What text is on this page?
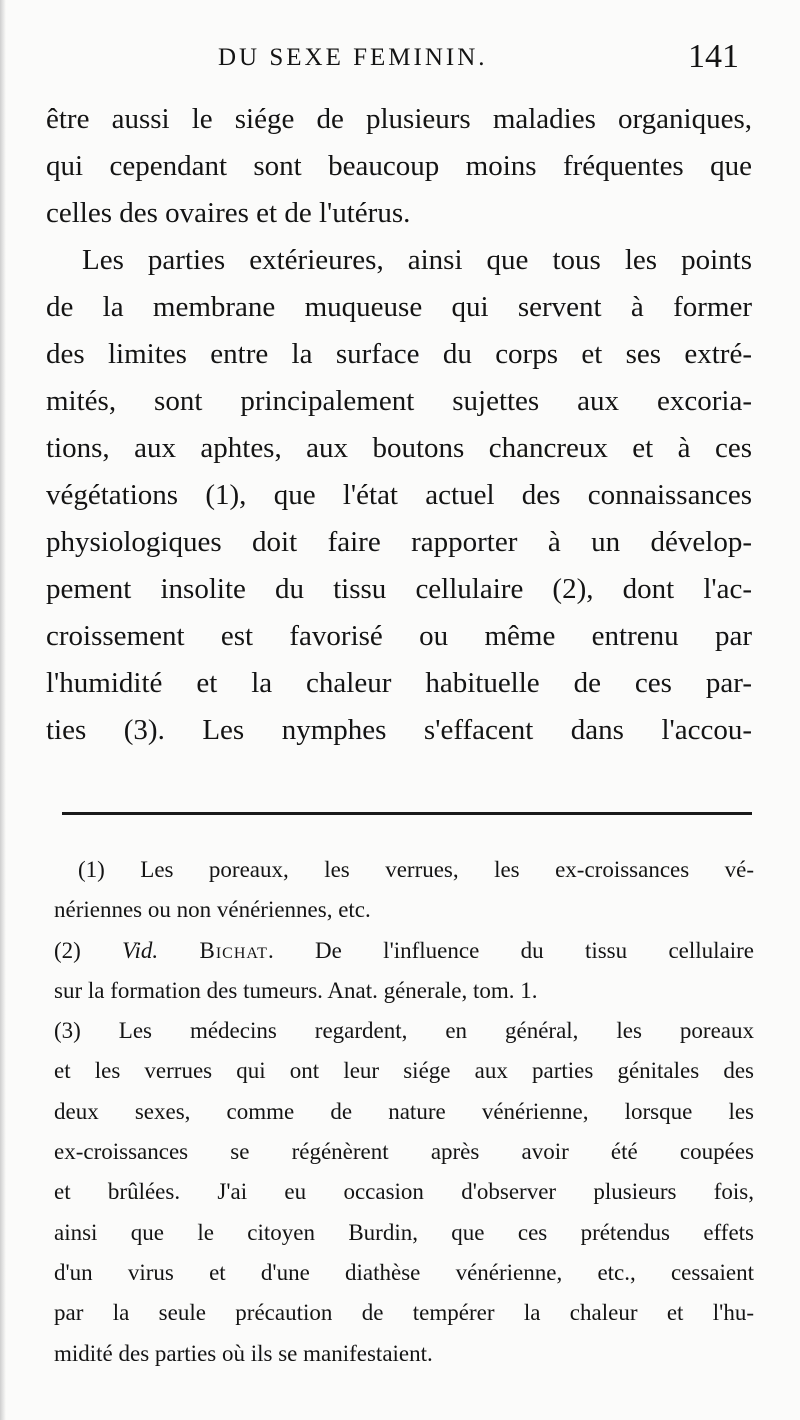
DU SEXE FEMININ.	141
être aussi le siége de plusieurs maladies organiques,
qui cependant sont beaucoup moins fréquentes que
celles des ovaires et de l'utérus.
Les parties extérieures, ainsi que tous les points
de la membrane muqueuse qui servent à former
des limites entre la surface du corps et ses extré-
mités, sont principalement sujettes aux excoria-
tions, aux aphtes, aux boutons chancreux et à ces
végétations (1), que l'état actuel des connaissances
physiologiques doit faire rapporter à un dévelop-
pement insolite du tissu cellulaire (2), dont l'ac-
croissement est favorisé ou même entrenu par
l'humidité et la chaleur habituelle de ces par-
ties (3). Les nymphes s'effacent dans l'accou-
(1) Les poreaux, les verrues, les ex-croissances vé-
nériennes ou non vénériennes, etc.
(2) Vid. Bichat. De l'influence du tissu cellulaire
sur la formation des tumeurs. Anat. génerale, tom. 1.
(3) Les médecins regardent, en général, les poreaux
et les verrues qui ont leur siége aux parties génitales des
deux sexes, comme de nature vénérienne, lorsque les
ex-croissances se régénèrent après avoir été coupées
et brûlées. J'ai eu occasion d'observer plusieurs fois,
ainsi que le citoyen Burdin, que ces prétendus effets
d'un virus et d'une diathèse vénérienne, etc., cessaient
par la seule précaution de tempérer la chaleur et l'hu-
midité des parties où ils se manifestaient.
